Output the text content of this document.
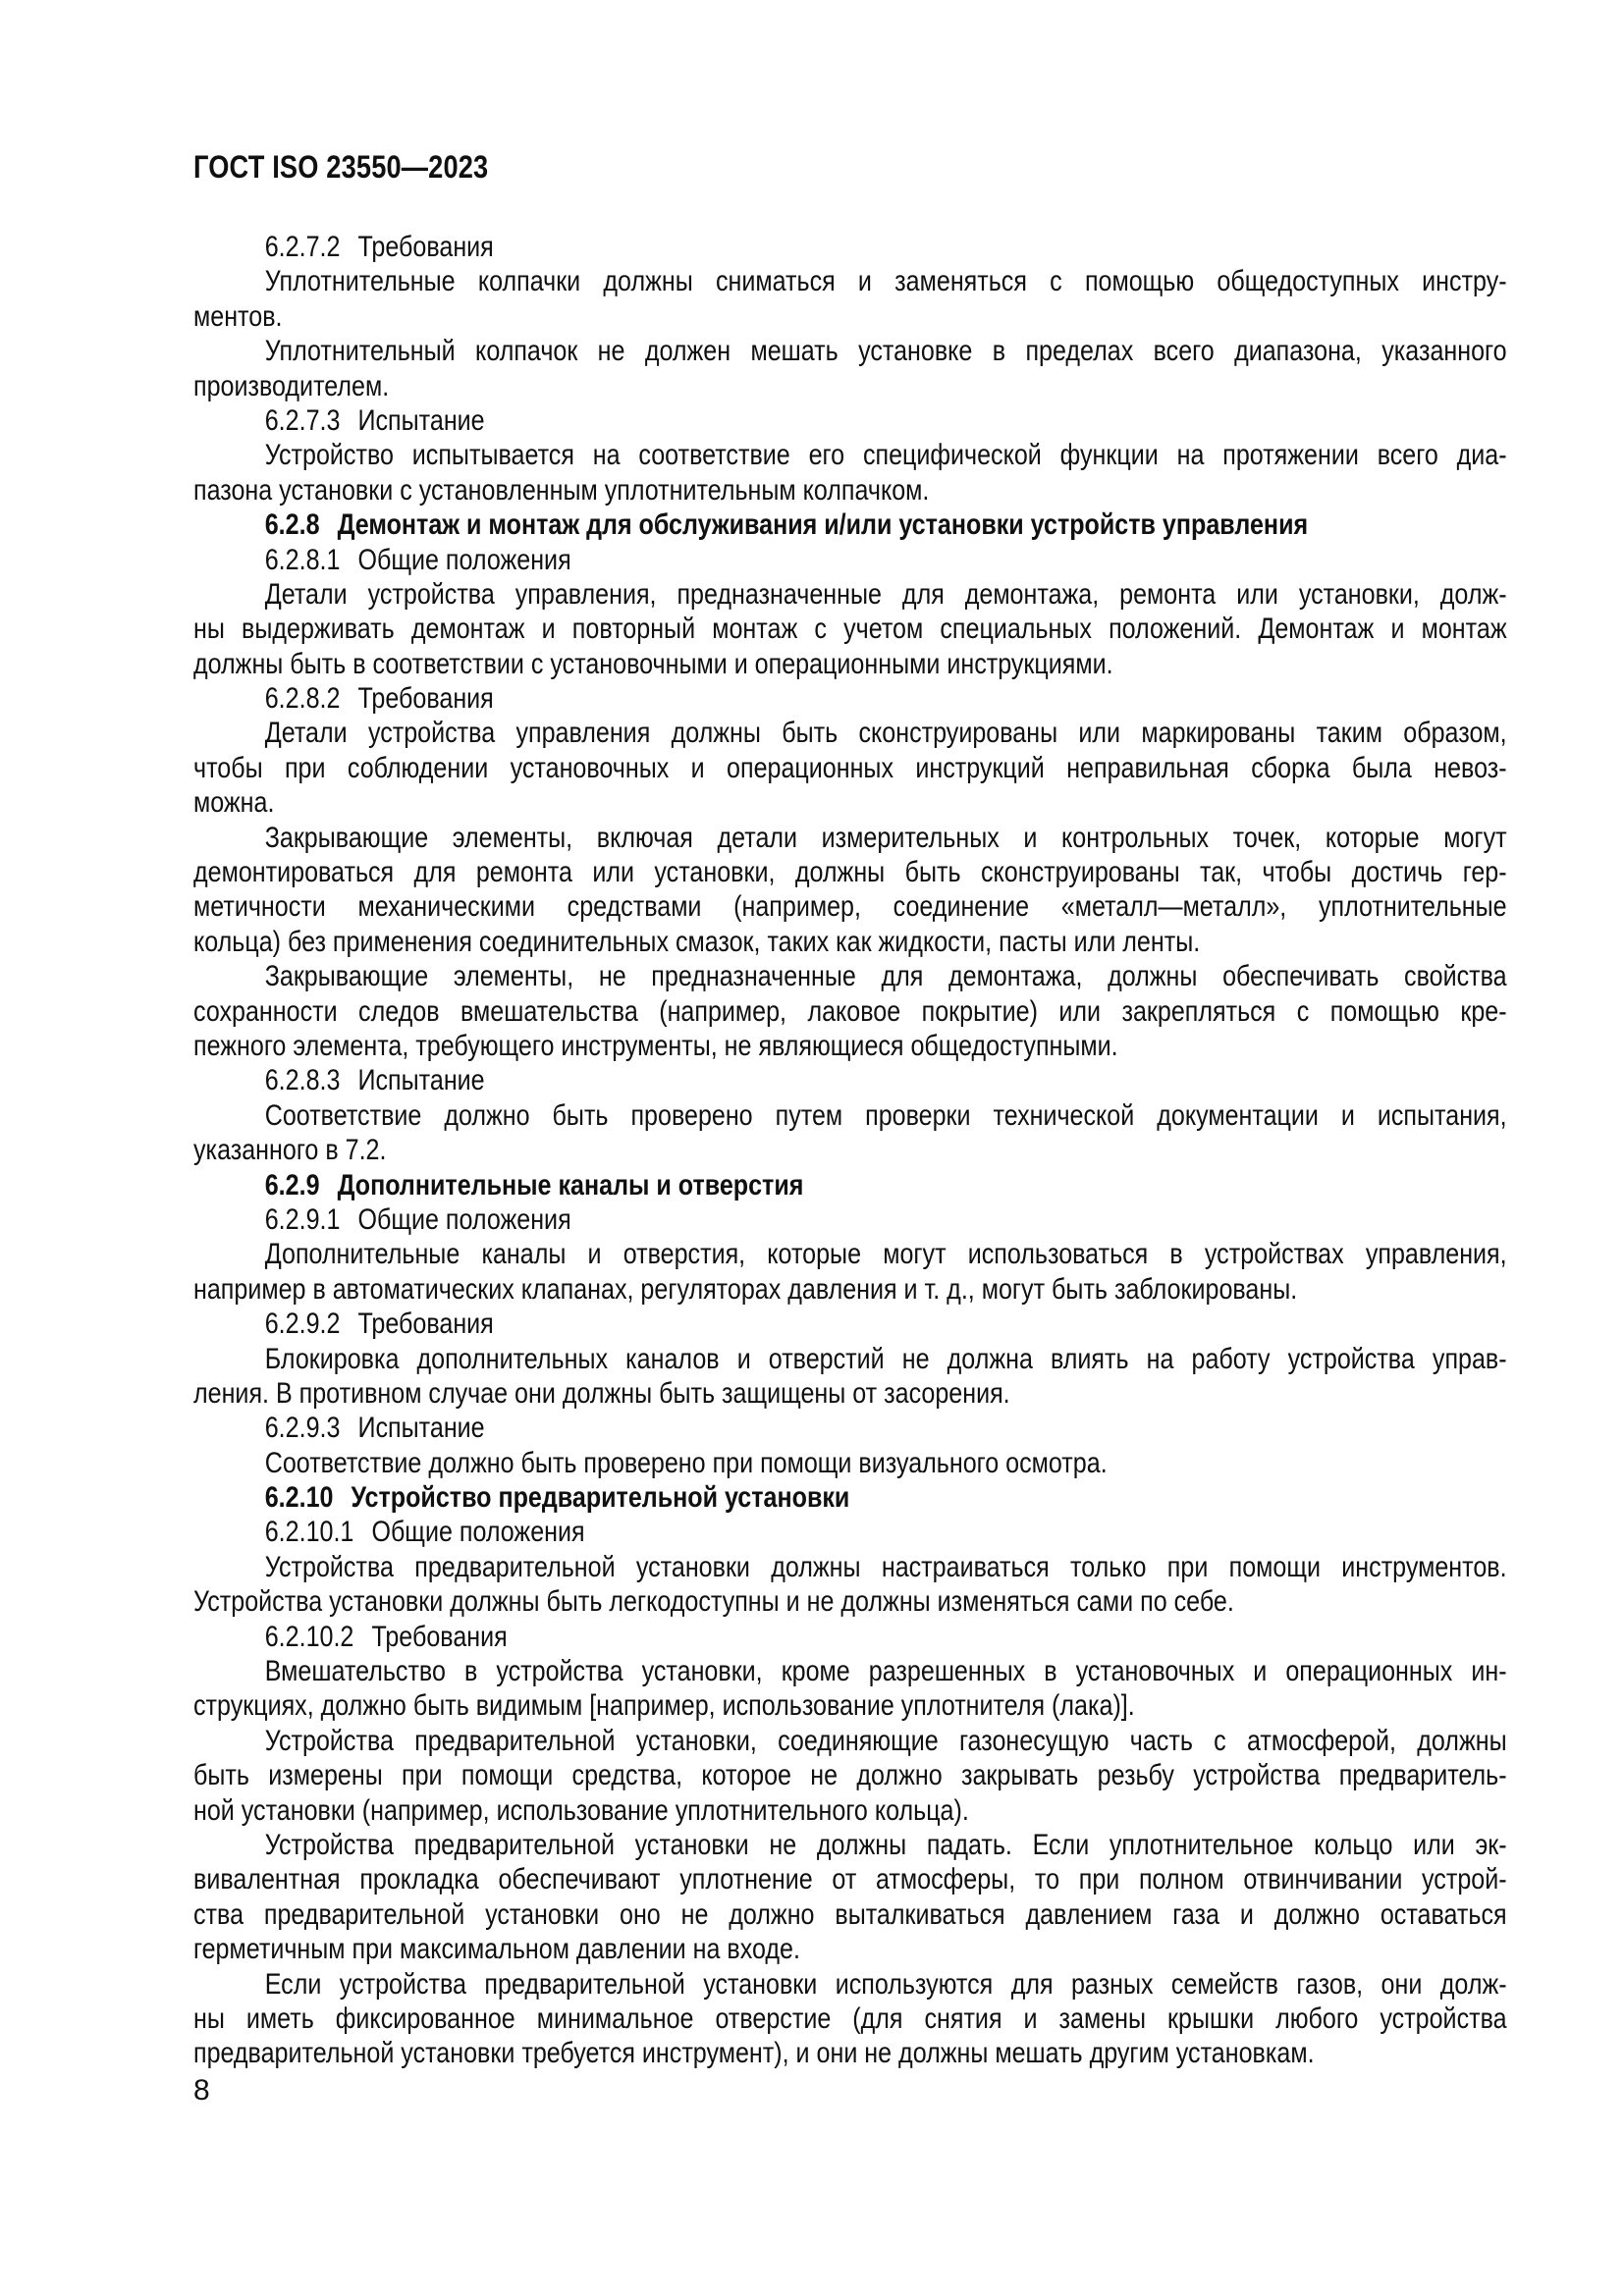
ГОСТ ISO 23550—2023
6.2.7.2 Требования
Уплотнительные колпачки должны сниматься и заменяться с помощью общедоступных инстру-
ментов.
Уплотнительный колпачок не должен мешать установке в пределах всего диапазона, указанного
производителем.
6.2.7.3 Испытание
Устройство испытывается на соответствие его специфической функции на протяжении всего диа-
пазона установки с установленным уплотнительным колпачком.
6.2.8 Демонтаж и монтаж для обслуживания и/или установки устройств управления
6.2.8.1 Общие положения
Детали устройства управления, предназначенные для демонтажа, ремонта или установки, долж-
ны выдерживать демонтаж и повторный монтаж с учетом специальных положений. Демонтаж и монтаж
должны быть в соответствии с установочными и операционными инструкциями.
6.2.8.2 Требования
Детали устройства управления должны быть сконструированы или маркированы таким образом,
чтобы при соблюдении установочных и операционных инструкций неправильная сборка была невоз-
можна.
Закрывающие элементы, включая детали измерительных и контрольных точек, которые могут
демонтироваться для ремонта или установки, должны быть сконструированы так, чтобы достичь гер-
метичности механическими средствами (например, соединение «металл—металл», уплотнительные
кольца) без применения соединительных смазок, таких как жидкости, пасты или ленты.
Закрывающие элементы, не предназначенные для демонтажа, должны обеспечивать свойства
сохранности следов вмешательства (например, лаковое покрытие) или закрепляться с помощью кре-
пежного элемента, требующего инструменты, не являющиеся общедоступными.
6.2.8.3 Испытание
Соответствие должно быть проверено путем проверки технической документации и испытания,
указанного в 7.2.
6.2.9 Дополнительные каналы и отверстия
6.2.9.1 Общие положения
Дополнительные каналы и отверстия, которые могут использоваться в устройствах управления,
например в автоматических клапанах, регуляторах давления и т. д., могут быть заблокированы.
6.2.9.2 Требования
Блокировка дополнительных каналов и отверстий не должна влиять на работу устройства управ-
ления. В противном случае они должны быть защищены от засорения.
6.2.9.3 Испытание
Соответствие должно быть проверено при помощи визуального осмотра.
6.2.10 Устройство предварительной установки
6.2.10.1 Общие положения
Устройства предварительной установки должны настраиваться только при помощи инструментов.
Устройства установки должны быть легкодоступны и не должны изменяться сами по себе.
6.2.10.2 Требования
Вмешательство в устройства установки, кроме разрешенных в установочных и операционных ин-
струкциях, должно быть видимым [например, использование уплотнителя (лака)].
Устройства предварительной установки, соединяющие газонесущую часть с атмосферой, должны
быть измерены при помощи средства, которое не должно закрывать резьбу устройства предваритель-
ной установки (например, использование уплотнительного кольца).
Устройства предварительной установки не должны падать. Если уплотнительное кольцо или эк-
вивалентная прокладка обеспечивают уплотнение от атмосферы, то при полном отвинчивании устрой-
ства предварительной установки оно не должно выталкиваться давлением газа и должно оставаться
герметичным при максимальном давлении на входе.
Если устройства предварительной установки используются для разных семейств газов, они долж-
ны иметь фиксированное минимальное отверстие (для снятия и замены крышки любого устройства
предварительной установки требуется инструмент), и они не должны мешать другим установкам.
8
